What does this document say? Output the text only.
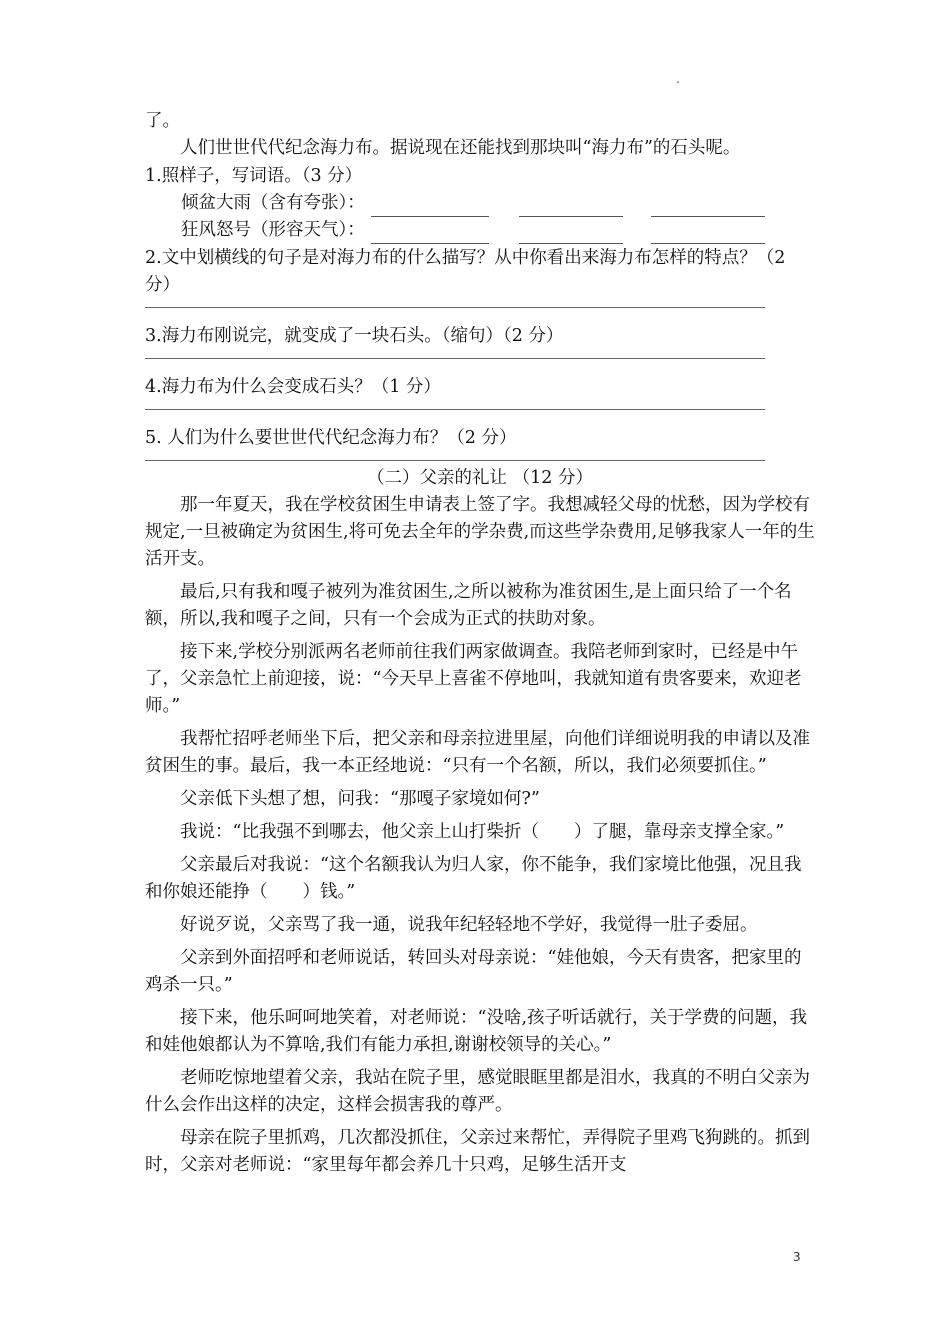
.

了。

人们世世代代纪念海力布。据说现在还能找到那块叫“海力布”的石头呢。

1.照样子，写词语。（3 分）

倾盆大雨（含有夸张）：
狂风怒号（形容天气）：

2.文中划横线的句子是对海力布的什么描写？从中你看出来海力布怎样的特点？（2 分）

3.海力布刚说完，就变成了一块石头。（缩句）（2 分）

4.海力布为什么会变成石头？（1 分）

5. 人们为什么要世世代代纪念海力布？（2 分）

（二）父亲的礼让 （12 分）

那一年夏天，我在学校贫困生申请表上签了字。我想减轻父母的忧愁，因为学校有规定,一旦被确定为贫困生,将可免去全年的学杂费,而这些学杂费用,足够我家人一年的生活开支。

最后,只有我和嘎子被列为准贫困生,之所以被称为准贫困生,是上面只给了一个名额，所以,我和嘎子之间，只有一个会成为正式的扶助对象。

接下来,学校分别派两名老师前往我们两家做调查。我陪老师到家时，已经是中午了，父亲急忙上前迎接，说：“今天早上喜雀不停地叫，我就知道有贵客要来，欢迎老师。”

我帮忙招呼老师坐下后，把父亲和母亲拉进里屋，向他们详细说明我的申请以及准贫困生的事。最后，我一本正经地说：“只有一个名额，所以，我们必须要抓住。”

父亲低下头想了想，问我：“那嘎子家境如何?”

我说：“比我强不到哪去，他父亲上山打柴折（　　）了腿，靠母亲支撑全家。”

父亲最后对我说：“这个名额我认为归人家，你不能争，我们家境比他强，况且我和你娘还能挣（　　）钱。”

好说歹说，父亲骂了我一通，说我年纪轻轻地不学好，我觉得一肚子委屈。

父亲到外面招呼和老师说话，转回头对母亲说：“娃他娘，今天有贵客，把家里的鸡杀一只。”

接下来，他乐呵呵地笑着，对老师说：“没啥,孩子听话就行，关于学费的问题，我和娃他娘都认为不算啥,我们有能力承担,谢谢校领导的关心。”

老师吃惊地望着父亲，我站在院子里，感觉眼眶里都是泪水，我真的不明白父亲为什么会作出这样的决定，这样会损害我的尊严。

母亲在院子里抓鸡，几次都没抓住，父亲过来帮忙，弄得院子里鸡飞狗跳的。抓到时，父亲对老师说：“家里每年都会养几十只鸡，足够生活开支

3
